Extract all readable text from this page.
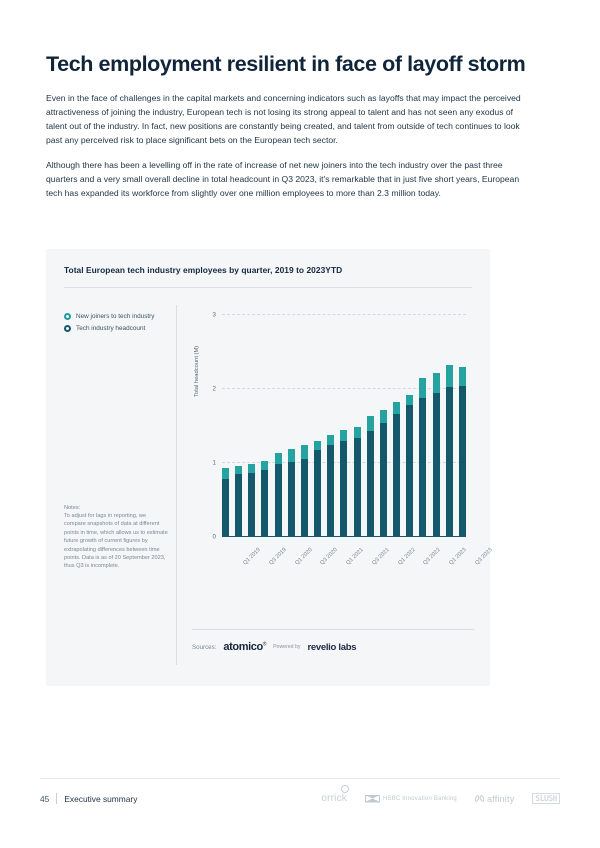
Tech employment resilient in face of layoff storm

Even in the face of challenges in the capital markets and concerning indicators such as layoffs that may impact the perceived attractiveness of joining the industry, European tech is not losing its strong appeal to talent and has not seen any exodus of talent out of the industry. In fact, new positions are constantly being created, and talent from outside of tech continues to look past any perceived risk to place significant bets on the European tech sector.

Although there has been a levelling off in the rate of increase of net new joiners into the tech industry over the past three quarters and a very small overall decline in total headcount in Q3 2023, it's remarkable that in just five short years, European tech has expanded its workforce from slightly over one million employees to more than 2.3 million today.

Total European tech industry employees by quarter, 2019 to 2023YTD
New joiners to tech industry
Tech industry headcount
Notes:
To adjust for lags in reporting, we compare snapshots of data at different points in time, which allows us to estimate future growth of current figures by extrapolating differences between time points. Data is as of 20 September 2023, thus Q3 is incomplete.
Total headcount (M)
0
1
2
3
Q1 2019 Q3 2019 Q1 2020 Q3 2020 Q1 2021 Q3 2021 Q1 2022 Q3 2022 Q1 2023 Q3 2023
Sources: atomico® Powered by revelio labs
45 Executive summary	orrick	HSBC Innovation Banking	affinity	SLUSH
